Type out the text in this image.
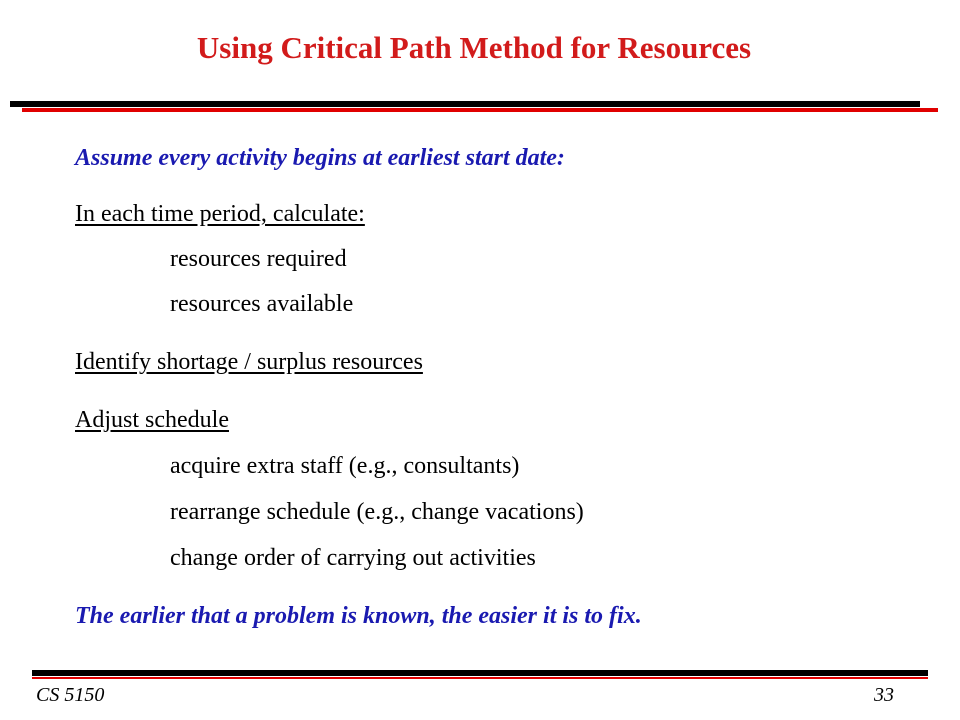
Using Critical Path Method for Resources
Assume every activity begins at earliest start date:
In each time period, calculate:
resources required
resources available
Identify shortage / surplus resources
Adjust schedule
acquire extra staff (e.g., consultants)
rearrange schedule (e.g., change vacations)
change order of carrying out activities
The earlier that a problem is known, the easier it is to fix.
CS 5150	33
